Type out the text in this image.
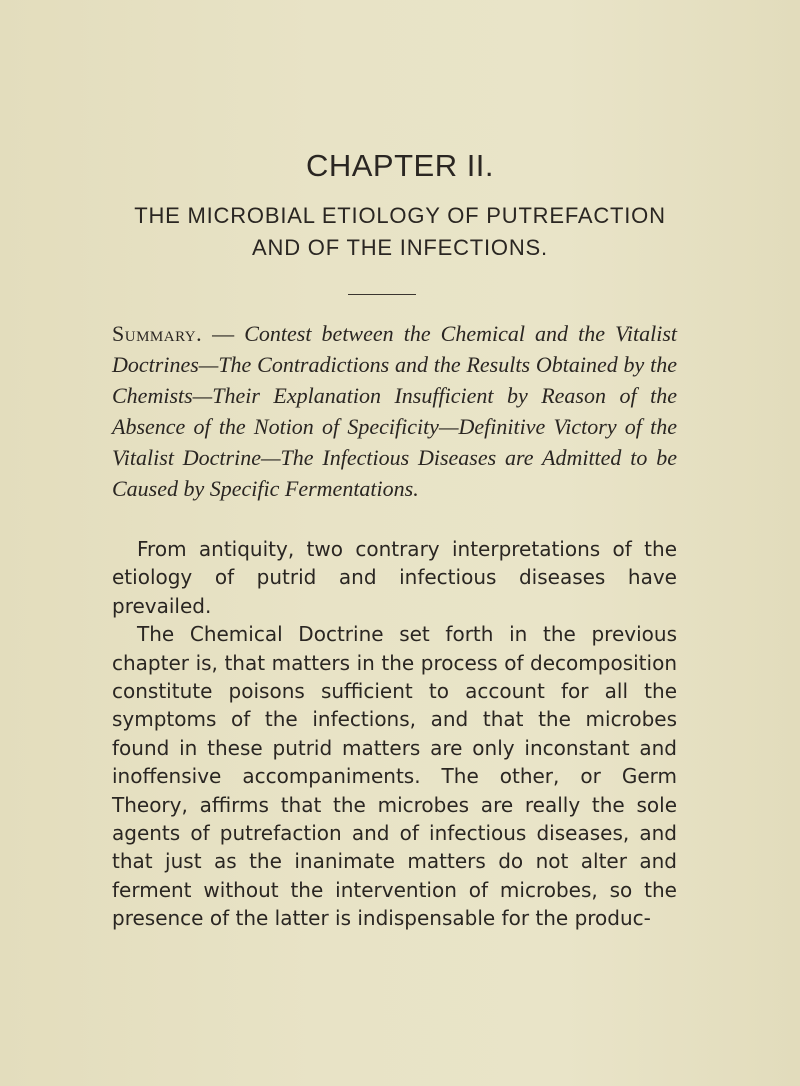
CHAPTER II.
THE MICROBIAL ETIOLOGY OF PUTREFACTION
AND OF THE INFECTIONS.
Summary. — Contest between the Chemical and the Vitalist Doctrines—The Contradictions and the Results Obtained by the Chemists—Their Explanation Insufficient by Reason of the Absence of the Notion of Specificity—Definitive Victory of the Vitalist Doctrine—The Infectious Diseases are Admitted to be Caused by Specific Fermentations.

From antiquity, two contrary interpretations of the etiology of putrid and infectious diseases have prevailed.

The Chemical Doctrine set forth in the previous chapter is, that matters in the process of decomposition constitute poisons sufficient to account for all the symptoms of the infections, and that the microbes found in these putrid matters are only inconstant and inoffensive accompaniments. The other, or Germ Theory, affirms that the microbes are really the sole agents of putrefaction and of infectious diseases, and that just as the inanimate matters do not alter and ferment without the intervention of microbes, so the presence of the latter is indispensable for the produc-
